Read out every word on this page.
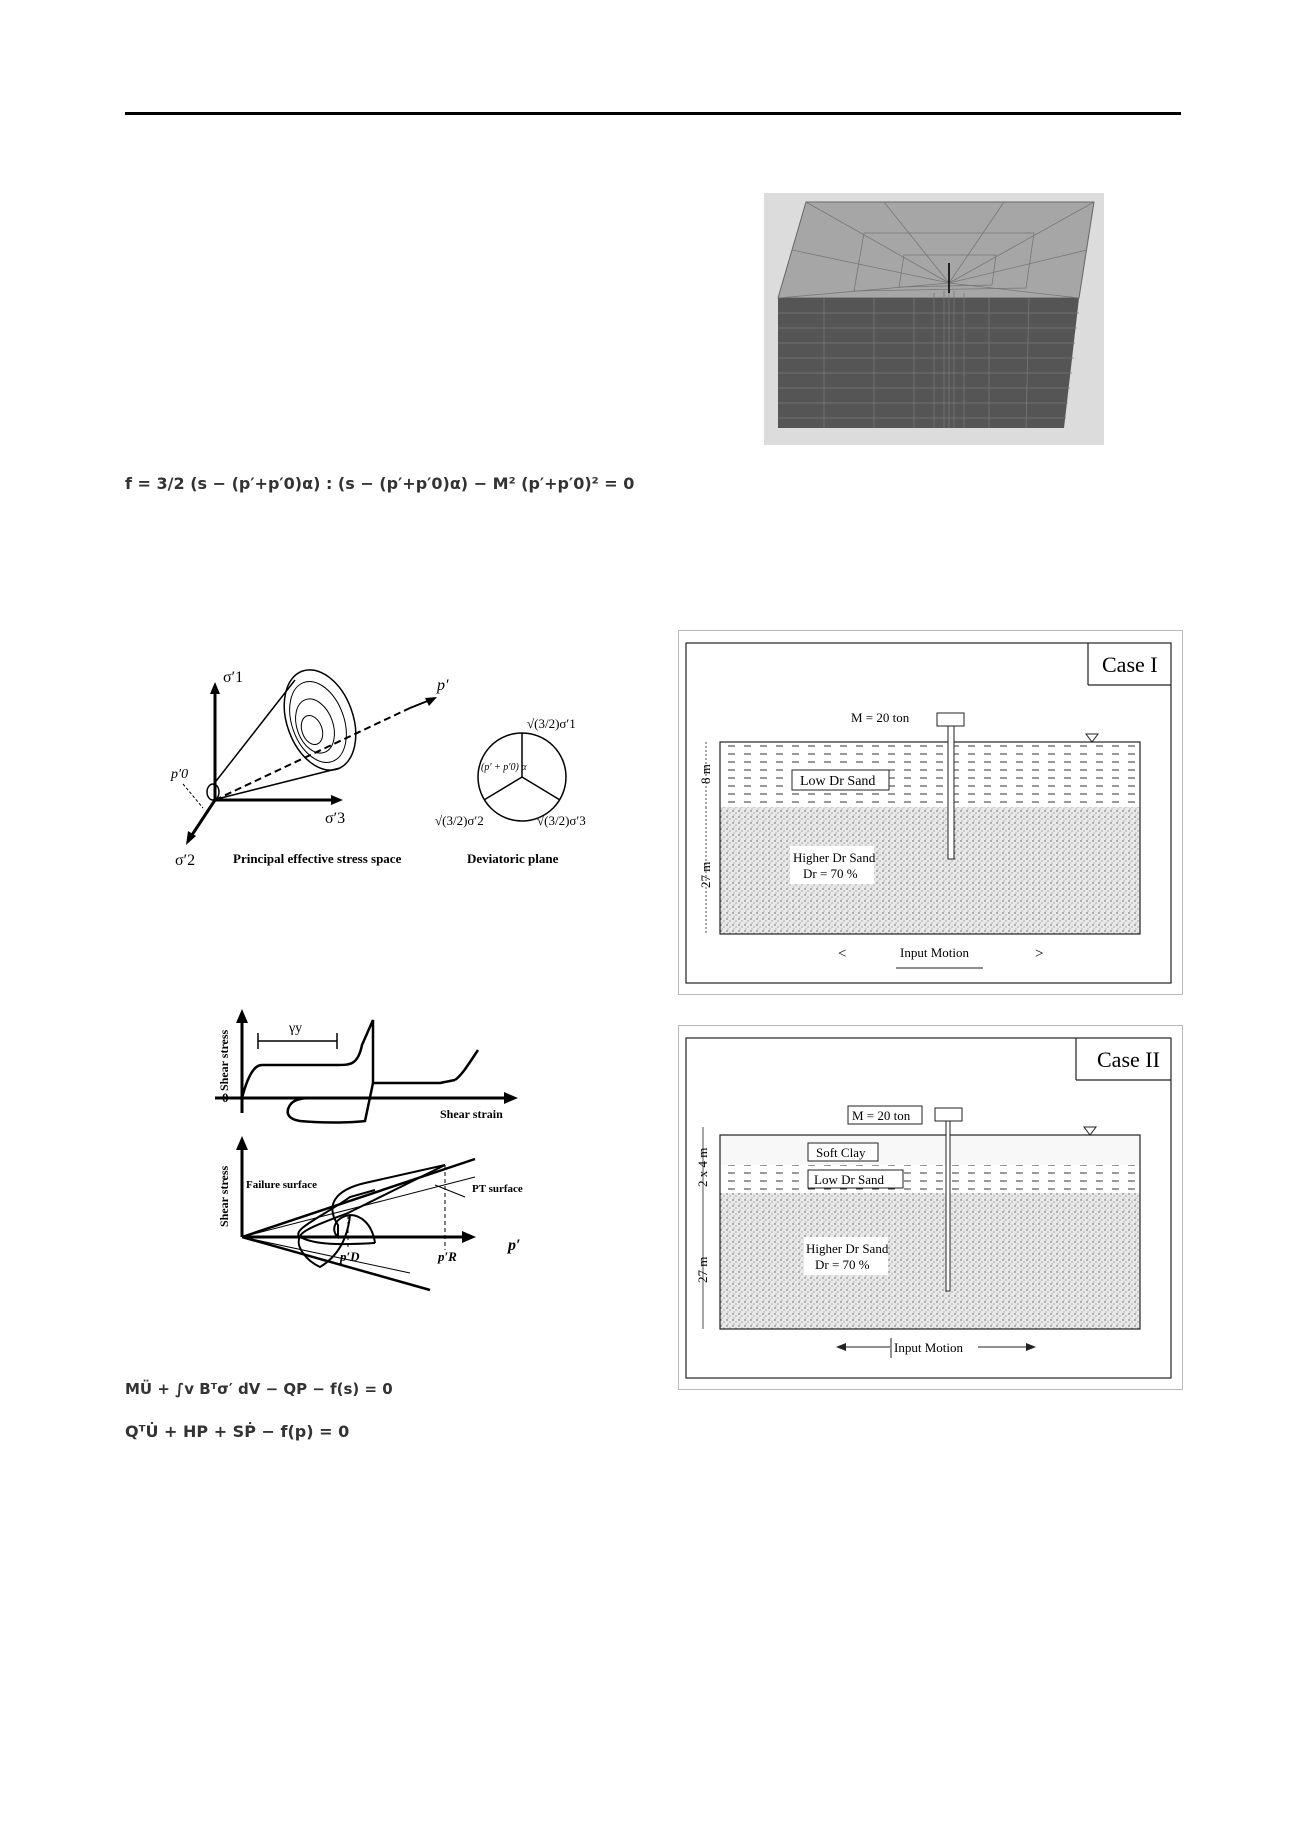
f = 3/2 (s − (p′+p′0)α) : (s − (p′+p′0)α) − M² (p′+p′0)² = 0
MÜ + ∫v Bᵀσ′ dV − QP − f(s) = 0
QᵀU̇ + HP + SṖ − f(p) = 0
σ′1
σ′3
σ′2
p′
p′0
√(3/2)σ′1
√(3/2)σ′2	√(3/2)σ′3
(p′ + p′0) α
Principal effective stress space	Deviatoric plane
0
Shear stress
Shear strain
γy
Shear stress Failure surface	PT surface
p′D	p′R
p′
Case I
M = 20 ton
Low Dr Sand
Higher Dr Sand
Dr = 70 %
8 m
27 m
<	>
Input Motion
Case II
M = 20 ton
Soft Clay
Low Dr Sand
Higher Dr Sand
Dr = 70 %
2 x 4 m
27 m
Input Motion
